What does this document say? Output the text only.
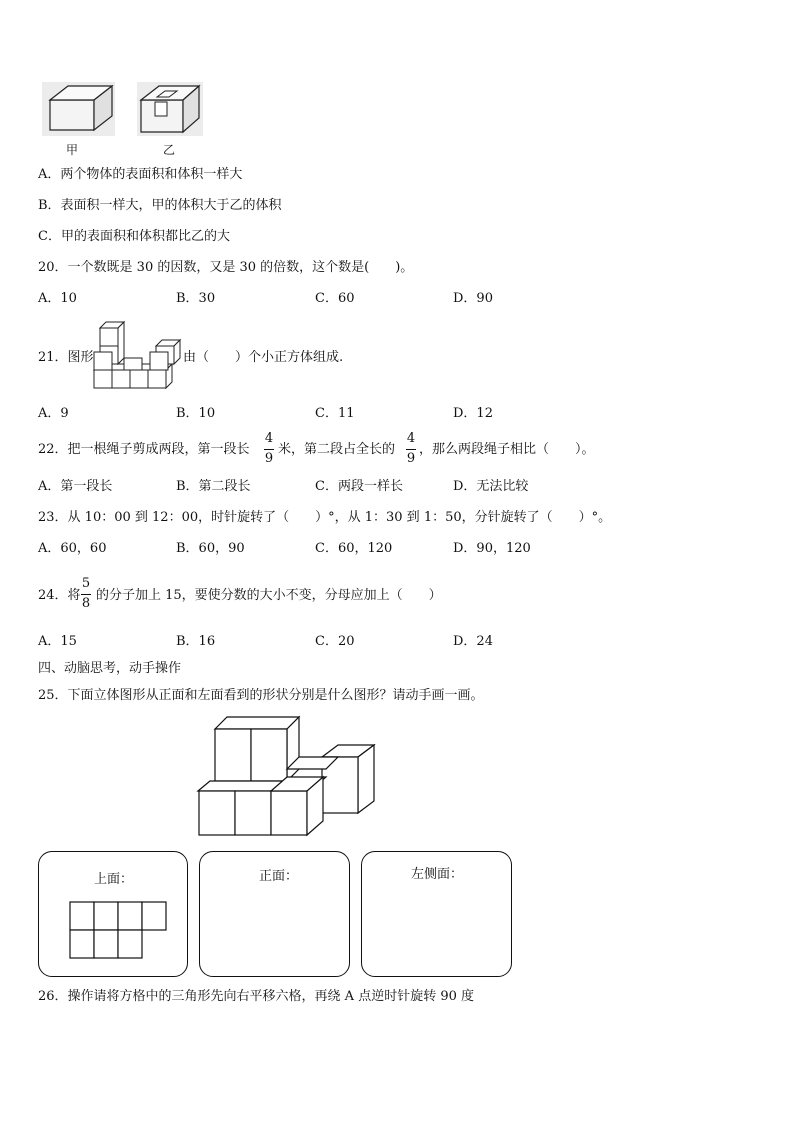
甲	乙
A．两个物体的表面积和体积一样大
B．表面积一样大，甲的体积大于乙的体积
C．甲的表面积和体积都比乙的大
20．一个数既是 30 的因数，又是 30 的倍数，这个数是(　　)。
A．10	B．30	C．60	D．90
21．图形	由（　　）个小正方体组成.
A．9	B．10	C．11	D．12
22．把一根绳子剪成两段，第一段长
4
9
米，第二段占全长的
4
9
，那么两段绳子相比（　　）。
A．第一段长	B．第二段长	C．两段一样长	D．无法比较
23．从 10：00 到 12：00，时针旋转了（　　）°，从 1：30 到 1：50，分针旋转了（　　）°。
A．60，60	B．60，90	C．60，120	D．90，120
24．将
5
8
的分子加上 15，要使分数的大小不变，分母应加上（　　）
A．15	B．16	C．20	D．24
四、动脑思考，动手操作
25．下面立体图形从正面和左面看到的形状分别是什么图形？请动手画一画。
上面：	正面：	左侧面：
26．操作请将方格中的三角形先向右平移六格，再绕 A 点逆时针旋转 90 度
